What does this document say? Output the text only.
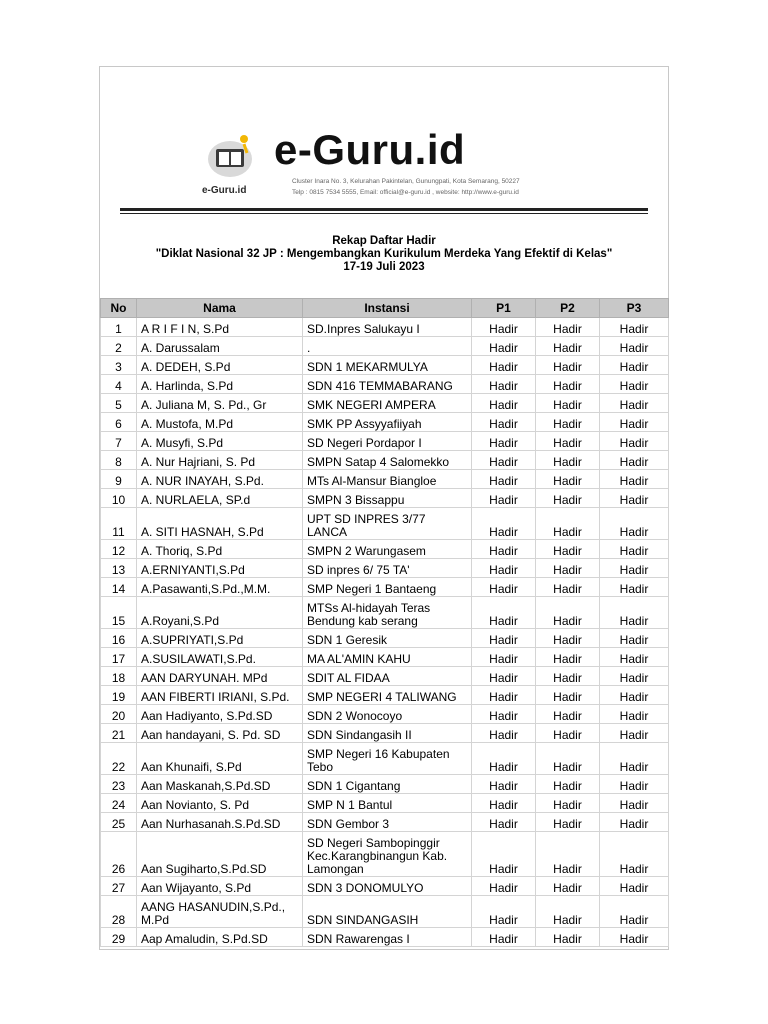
e-Guru.id
e-Guru.id
Cluster Inara No. 3, Kelurahan Pakintelan, Gunungpati, Kota Semarang, 50227
Telp : 0815 7534 5555, Email: official@e-guru.id , website: http://www.e-guru.id
Rekap Daftar Hadir
"Diklat Nasional 32 JP : Mengembangkan Kurikulum Merdeka Yang Efektif di Kelas"
17-19 Juli 2023
No	Nama	Instansi	P1	P2	P3
1	A R I F I N, S.Pd	SD.Inpres Salukayu I	Hadir	Hadir	Hadir
2	A. Darussalam	.	Hadir	Hadir	Hadir
3	A. DEDEH, S.Pd	SDN 1 MEKARMULYA	Hadir	Hadir	Hadir
4	A. Harlinda, S.Pd	SDN 416 TEMMABARANG	Hadir	Hadir	Hadir
5	A. Juliana M, S. Pd., Gr	SMK NEGERI AMPERA	Hadir	Hadir	Hadir
6	A. Mustofa, M.Pd	SMK PP Assyyafiiyah	Hadir	Hadir	Hadir
7	A. Musyfi, S.Pd	SD Negeri Pordapor I	Hadir	Hadir	Hadir
8	A. Nur Hajriani, S. Pd	SMPN Satap 4 Salomekko	Hadir	Hadir	Hadir
9	A. NUR INAYAH, S.Pd.	MTs Al-Mansur Biangloe	Hadir	Hadir	Hadir
10	A. NURLAELA, SP.d	SMPN 3 Bissappu	Hadir	Hadir	Hadir
11	A. SITI HASNAH, S.Pd	UPT SD INPRES 3/77 LANCA	Hadir	Hadir	Hadir
12	A. Thoriq, S.Pd	SMPN 2 Warungasem	Hadir	Hadir	Hadir
13	A.ERNIYANTI,S.Pd	SD inpres 6/ 75 TA'	Hadir	Hadir	Hadir
14	A.Pasawanti,S.Pd.,M.M.	SMP Negeri 1 Bantaeng	Hadir	Hadir	Hadir
15	A.Royani,S.Pd	MTSs Al-hidayah Teras Bendung kab serang	Hadir	Hadir	Hadir
16	A.SUPRIYATI,S.Pd	SDN 1 Geresik	Hadir	Hadir	Hadir
17	A.SUSILAWATI,S.Pd.	MA AL'AMIN KAHU	Hadir	Hadir	Hadir
18	AAN DARYUNAH. MPd	SDIT AL FIDAA	Hadir	Hadir	Hadir
19	AAN FIBERTI IRIANI, S.Pd.	SMP NEGERI 4 TALIWANG	Hadir	Hadir	Hadir
20	Aan Hadiyanto, S.Pd.SD	SDN 2 Wonocoyo	Hadir	Hadir	Hadir
21	Aan handayani, S. Pd. SD	SDN Sindangasih II	Hadir	Hadir	Hadir
22	Aan Khunaifi, S.Pd	SMP Negeri 16 Kabupaten Tebo	Hadir	Hadir	Hadir
23	Aan Maskanah,S.Pd.SD	SDN 1 Cigantang	Hadir	Hadir	Hadir
24	Aan Novianto, S. Pd	SMP N 1 Bantul	Hadir	Hadir	Hadir
25	Aan Nurhasanah.S.Pd.SD	SDN Gembor 3	Hadir	Hadir	Hadir
26	Aan Sugiharto,S.Pd.SD	SD Negeri Sambopinggir Kec.Karangbinangun Kab. Lamongan	Hadir	Hadir	Hadir
27	Aan Wijayanto, S.Pd	SDN 3 DONOMULYO	Hadir	Hadir	Hadir
28	AANG HASANUDIN,S.Pd., M.Pd	SDN SINDANGASIH	Hadir	Hadir	Hadir
29	Aap Amaludin, S.Pd.SD	SDN Rawarengas I	Hadir	Hadir	Hadir
